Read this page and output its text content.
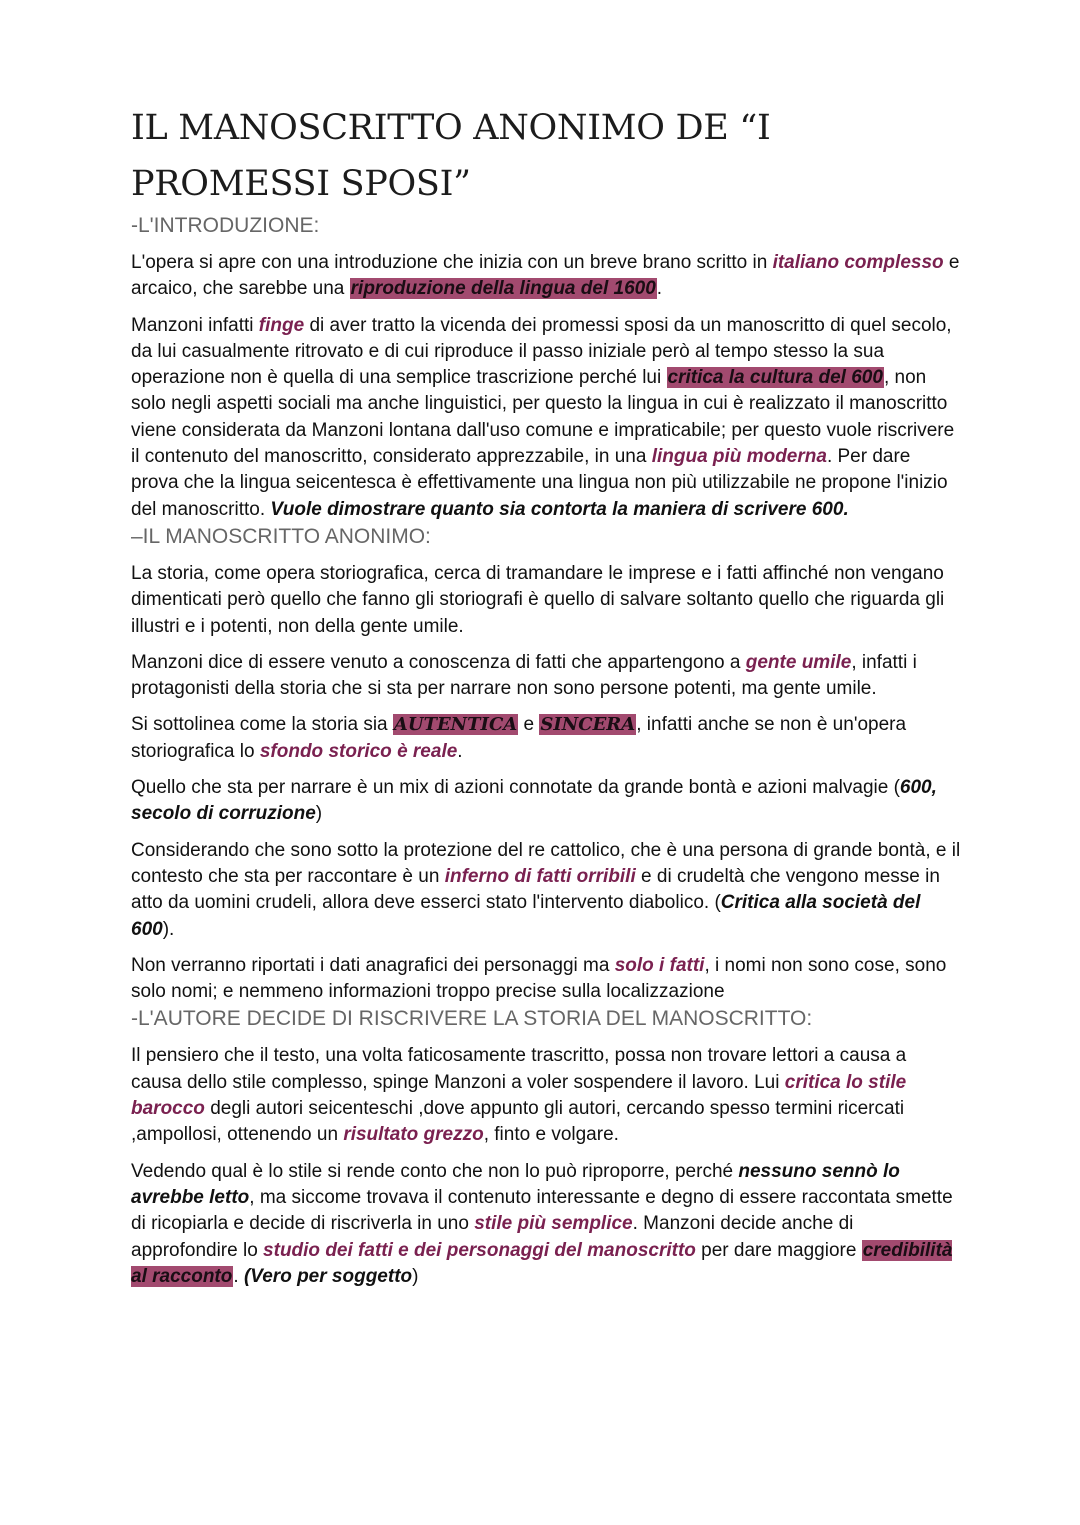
IL MANOSCRITTO ANONIMO DE “I PROMESSI SPOSI”
-L'INTRODUZIONE:

L'opera si apre con una introduzione che inizia con un breve brano scritto in italiano complesso e arcaico, che sarebbe una riproduzione della lingua del 1600.

Manzoni infatti finge di aver tratto la vicenda dei promessi sposi da un manoscritto di quel secolo, da lui casualmente ritrovato e di cui riproduce il passo iniziale però al tempo stesso la sua operazione non è quella di una semplice trascrizione perché lui critica la cultura del 600, non solo negli aspetti sociali ma anche linguistici, per questo la lingua in cui è realizzato il manoscritto viene considerata da Manzoni lontana dall'uso comune e impraticabile; per questo vuole riscrivere il contenuto del manoscritto, considerato apprezzabile, in una lingua più moderna. Per dare prova che la lingua seicentesca è effettivamente una lingua non più utilizzabile ne propone l'inizio del manoscritto. Vuole dimostrare quanto sia contorta la maniera di scrivere 600.

–IL MANOSCRITTO ANONIMO:

La storia, come opera storiografica, cerca di tramandare le imprese e i fatti affinché non vengano dimenticati però quello che fanno gli storiografi è quello di salvare soltanto quello che riguarda gli illustri e i potenti, non della gente umile.

Manzoni dice di essere venuto a conoscenza di fatti che appartengono a gente umile, infatti i protagonisti della storia che si sta per narrare non sono persone potenti, ma gente umile.

Si sottolinea come la storia sia AUTENTICA e SINCERA, infatti anche se non è un'opera storiografica lo sfondo storico è reale.

Quello che sta per narrare è un mix di azioni connotate da grande bontà e azioni malvagie (600, secolo di corruzione)

Considerando che sono sotto la protezione del re cattolico, che è una persona di grande bontà, e il contesto che sta per raccontare è un inferno di fatti orribili e di crudeltà che vengono messe in atto da uomini crudeli, allora deve esserci stato l'intervento diabolico. (Critica alla società del 600).

Non verranno riportati i dati anagrafici dei personaggi ma solo i fatti, i nomi non sono cose, sono solo nomi; e nemmeno informazioni troppo precise sulla localizzazione

-L'AUTORE DECIDE DI RISCRIVERE LA STORIA DEL MANOSCRITTO:

Il pensiero che il testo, una volta faticosamente trascritto, possa non trovare lettori a causa a causa dello stile complesso, spinge Manzoni a voler sospendere il lavoro. Lui critica lo stile barocco degli autori seicenteschi ,dove appunto gli autori, cercando spesso termini ricercati ,ampollosi, ottenendo un risultato grezzo, finto e volgare.

Vedendo qual è lo stile si rende conto che non lo può riproporre, perché nessuno sennò lo avrebbe letto, ma siccome trovava il contenuto interessante e degno di essere raccontata smette di ricopiarla e decide di riscriverla in uno stile più semplice. Manzoni decide anche di approfondire lo studio dei fatti e dei personaggi del manoscritto per dare maggiore credibilità al racconto. (Vero per soggetto)
